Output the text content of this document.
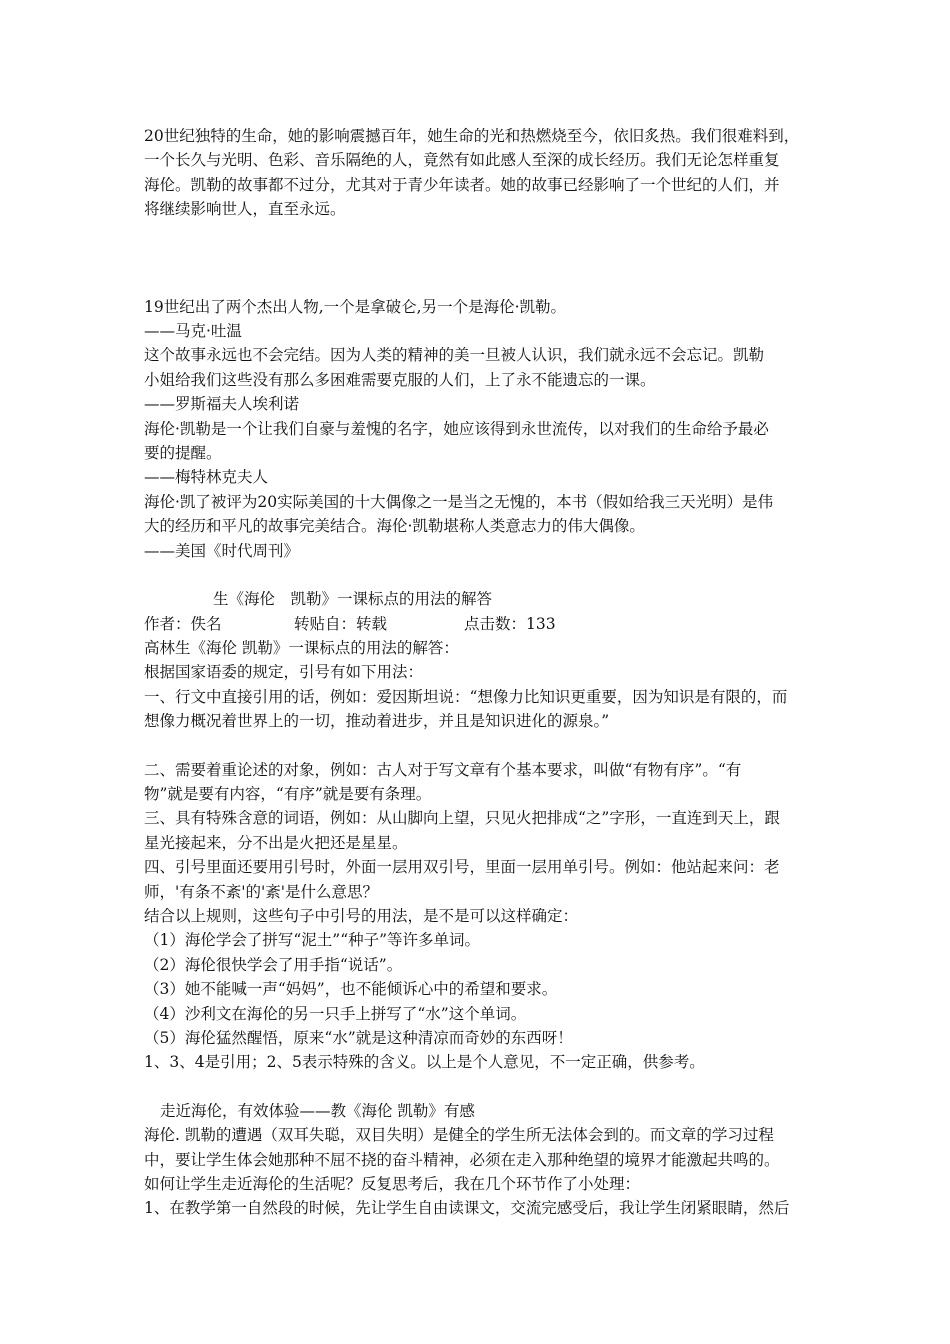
20世纪独特的生命，她的影响震撼百年，她生命的光和热燃烧至今，依旧炙热。我们很难料到，

一个长久与光明、色彩、音乐隔绝的人，竟然有如此感人至深的成长经历。我们无论怎样重复

海伦。凯勒的故事都不过分，尤其对于青少年读者。她的故事已经影响了一个世纪的人们，并

将继续影响世人，直至永远。

19世纪出了两个杰出人物,一个是拿破仑,另一个是海伦·凯勒。

——马克·吐温

这个故事永远也不会完结。因为人类的精神的美一旦被人认识，我们就永远不会忘记。凯勒

小姐给我们这些没有那么多困难需要克服的人们，上了永不能遗忘的一课。

——罗斯福夫人埃利诺

海伦·凯勒是一个让我们自豪与羞愧的名字，她应该得到永世流传，以对我们的生命给予最必

要的提醒。

——梅特林克夫人

海伦·凯了被评为20实际美国的十大偶像之一是当之无愧的，本书（假如给我三天光明）是伟

大的经历和平凡的故事完美结合。海伦·凯勒堪称人类意志力的伟大偶像。

——美国《时代周刊》

生《海伦　凯勒》一课标点的用法的解答

作者：佚名	转贴自：转载	点击数：133

高林生《海伦 凯勒》一课标点的用法的解答：

根据国家语委的规定，引号有如下用法：

一、行文中直接引用的话，例如：爱因斯坦说：“想像力比知识更重要，因为知识是有限的，而

想像力概况着世界上的一切，推动着进步，并且是知识进化的源泉。”

二、需要着重论述的对象，例如：古人对于写文章有个基本要求，叫做“有物有序”。“有

物”就是要有内容，“有序”就是要有条理。

三、具有特殊含意的词语，例如：从山脚向上望，只见火把排成“之”字形，一直连到天上，跟

星光接起来，分不出是火把还是星星。

四、引号里面还要用引号时，外面一层用双引号，里面一层用单引号。例如：他站起来问：老

师，'有条不紊'的'紊'是什么意思？

结合以上规则，这些句子中引号的用法，是不是可以这样确定：

（1）海伦学会了拼写“泥土”“种子”等许多单词。

（2）海伦很快学会了用手指“说话”。

（3）她不能喊一声“妈妈”，也不能倾诉心中的希望和要求。

（4）沙利文在海伦的另一只手上拼写了“水”这个单词。

（5）海伦猛然醒悟，原来“水”就是这种清凉而奇妙的东西呀！

1、3、4是引用；2、5表示特殊的含义。以上是个人意见，不一定正确，供参考。

走近海伦，有效体验——教《海伦 凯勒》有感

海伦. 凯勒的遭遇（双耳失聪，双目失明）是健全的学生所无法体会到的。而文章的学习过程

中，要让学生体会她那种不屈不挠的奋斗精神，必须在走入那种绝望的境界才能激起共鸣的。

如何让学生走近海伦的生活呢？反复思考后，我在几个环节作了小处理：

1、在教学第一自然段的时候，先让学生自由读课文，交流完感受后，我让学生闭紧眼睛，然后
